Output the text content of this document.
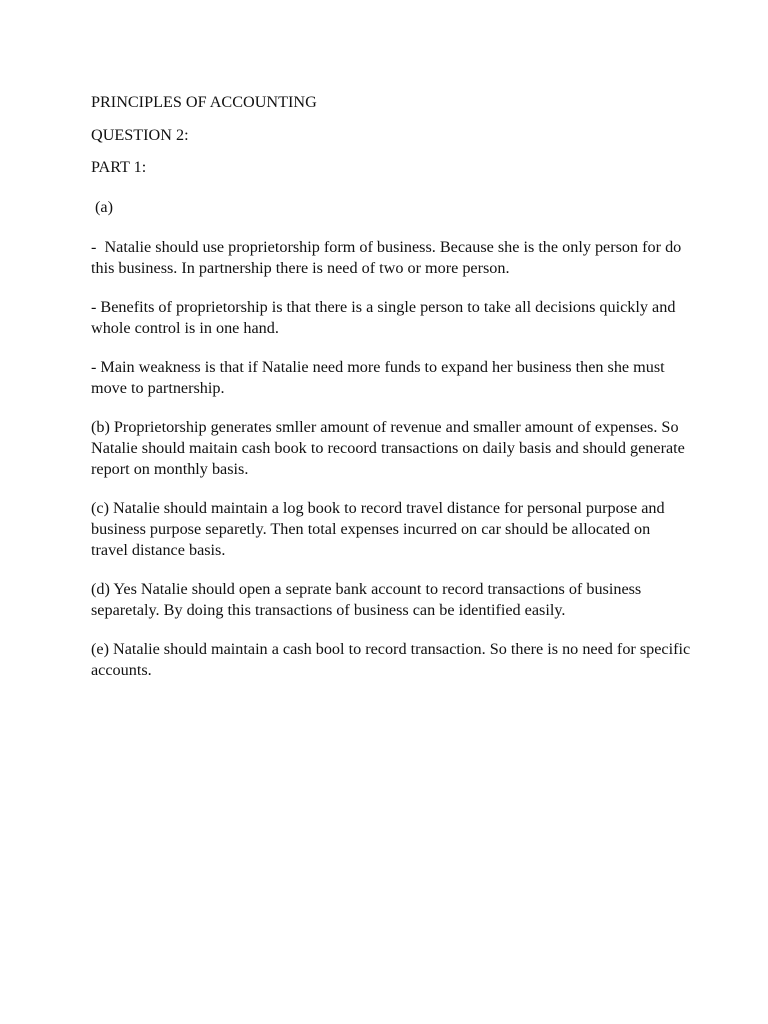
PRINCIPLES OF ACCOUNTING

QUESTION 2:

PART 1:

(a)

-  Natalie should use proprietorship form of business. Because she is the only person for do this business. In partnership there is need of two or more person.

- Benefits of proprietorship is that there is a single person to take all decisions quickly and whole control is in one hand.

- Main weakness is that if Natalie need more funds to expand her business then she must move to partnership.

(b) Proprietorship generates smller amount of revenue and smaller amount of expenses. So Natalie should maitain cash book to recoord transactions on daily basis and should generate report on monthly basis.

(c) Natalie should maintain a log book to record travel distance for personal purpose and business purpose separetly. Then total expenses incurred on car should be allocated on travel distance basis.

(d) Yes Natalie should open a seprate bank account to record transactions of business separetaly. By doing this transactions of business can be identified easily.

(e) Natalie should maintain a cash bool to record transaction. So there is no need for specific accounts.
